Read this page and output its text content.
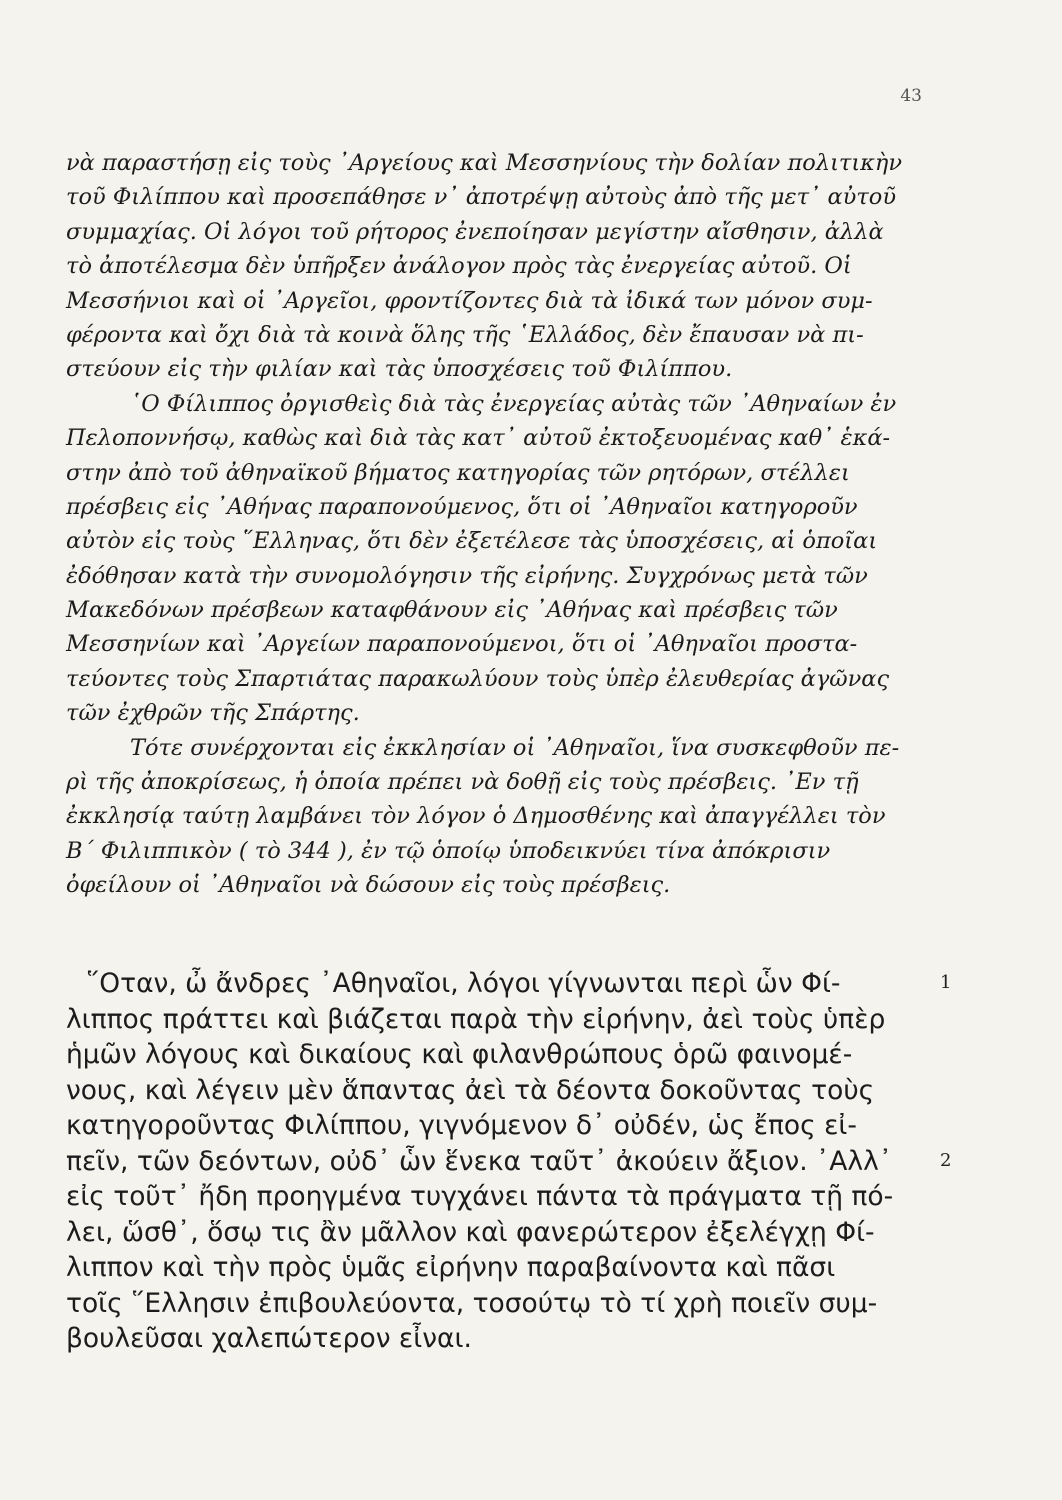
43
νὰ παραστήσῃ εἰς τοὺς ᾿Αργείους καὶ Μεσσηνίους τὴν δολίαν πολιτικὴν
τοῦ Φιλίππου καὶ προσεπάθησε ν᾿ ἀποτρέψῃ αὐτοὺς ἀπὸ τῆς μετ᾿ αὐτοῦ
συμμαχίας. Οἱ λόγοι τοῦ ρήτορος ἐνεποίησαν μεγίστην αἴσθησιν, ἀλλὰ
τὸ ἀποτέλεσμα δὲν ὑπῆρξεν ἀνάλογον πρὸς τὰς ἐνεργείας αὐτοῦ. Οἱ
Μεσσήνιοι καὶ οἱ ᾿Αργεῖοι, φροντίζοντες διὰ τὰ ἰδικά των μόνον συμ-
φέροντα καὶ ὄχι διὰ τὰ κοινὰ ὅλης τῆς ῾Ελλάδος, δὲν ἔπαυσαν νὰ πι-
στεύουν εἰς τὴν φιλίαν καὶ τὰς ὑποσχέσεις τοῦ Φιλίππου.
῾Ο Φίλιππος ὀργισθεὶς διὰ τὰς ἐνεργείας αὐτὰς τῶν ᾿Αθηναίων ἐν
Πελοποννήσῳ, καθὼς καὶ διὰ τὰς κατ᾿ αὐτοῦ ἐκτοξευομένας καθ᾿ ἑκά-
στην ἀπὸ τοῦ ἀθηναϊκοῦ βήματος κατηγορίας τῶν ρητόρων, στέλλει
πρέσβεις εἰς ᾿Αθήνας παραπονούμενος, ὅτι οἱ ᾿Αθηναῖοι κατηγοροῦν
αὐτὸν εἰς τοὺς ῞Ελληνας, ὅτι δὲν ἐξετέλεσε τὰς ὑποσχέσεις, αἱ ὁποῖαι
ἐδόθησαν κατὰ τὴν συνομολόγησιν τῆς εἰρήνης. Συγχρόνως μετὰ τῶν
Μακεδόνων πρέσβεων καταφθάνουν εἰς ᾿Αθήνας καὶ πρέσβεις τῶν
Μεσσηνίων καὶ ᾿Αργείων παραπονούμενοι, ὅτι οἱ ᾿Αθηναῖοι προστα-
τεύοντες τοὺς Σπαρτιάτας παρακωλύουν τοὺς ὑπὲρ ἐλευθερίας ἀγῶνας
τῶν ἐχθρῶν τῆς Σπάρτης.
Τότε συνέρχονται εἰς ἐκκλησίαν οἱ ᾿Αθηναῖοι, ἵνα συσκεφθοῦν πε-
ρὶ τῆς ἀποκρίσεως, ἡ ὁποία πρέπει νὰ δοθῇ εἰς τοὺς πρέσβεις. ᾿Εν τῇ
ἐκκλησίᾳ ταύτῃ λαμβάνει τὸν λόγον ὁ Δημοσθένης καὶ ἀπαγγέλλει τὸν
Β΄ Φιλιππικὸν ( τὸ 344 ), ἐν τῷ ὁποίῳ ὑποδεικνύει τίνα ἀπόκρισιν
ὀφείλουν οἱ ᾿Αθηναῖοι νὰ δώσουν εἰς τοὺς πρέσβεις.
῞Οταν, ὦ ἄνδρες ᾿Αθηναῖοι, λόγοι γίγνωνται περὶ ὧν Φί-
λιππος πράττει καὶ βιάζεται παρὰ τὴν εἰρήνην, ἀεὶ τοὺς ὑπὲρ
ἡμῶν λόγους καὶ δικαίους καὶ φιλανθρώπους ὁρῶ φαινομέ-
νους, καὶ λέγειν μὲν ἅπαντας ἀεὶ τὰ δέοντα δοκοῦντας τοὺς
κατηγοροῦντας Φιλίππου, γιγνόμενον δ᾿ οὐδέν, ὡς ἔπος εἰ-
πεῖν, τῶν δεόντων, οὐδ᾿ ὧν ἕνεκα ταῦτ᾿ ἀκούειν ἄξιον. ᾿Αλλ᾿
εἰς τοῦτ᾿ ἤδη προηγμένα τυγχάνει πάντα τὰ πράγματα τῇ πό-
λει, ὥσθ᾿, ὅσῳ τις ἂν μᾶλλον καὶ φανερώτερον ἐξελέγχῃ Φί-
λιππον καὶ τὴν πρὸς ὑμᾶς εἰρήνην παραβαίνοντα καὶ πᾶσι
τοῖς ῞Ελλησιν ἐπιβουλεύοντα, τοσούτῳ τὸ τί χρὴ ποιεῖν συμ-
βουλεῦσαι χαλεπώτερον εἶναι.
1
2
